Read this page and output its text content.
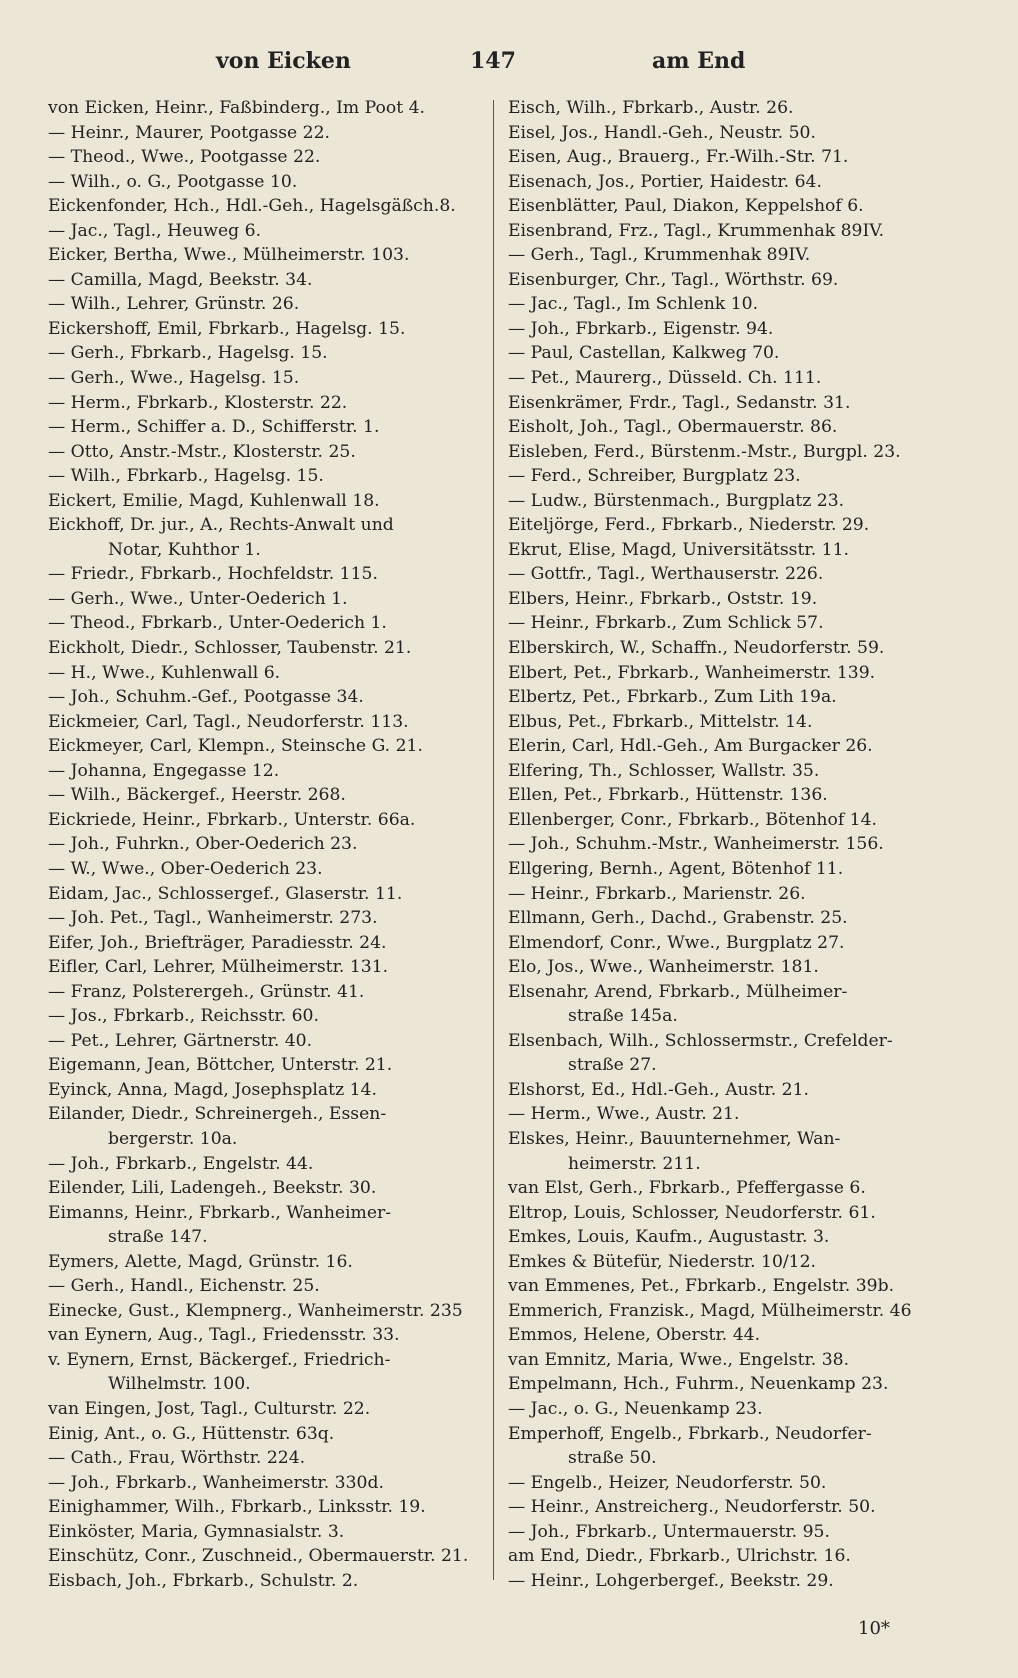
von Eicken	147	am End
von Eicken, Heinr., Faßbinderg., Im Poot 4.
— Heinr., Maurer, Pootgasse 22.
— Theod., Wwe., Pootgasse 22.
— Wilh., o. G., Pootgasse 10.
Eickenfonder, Hch., Hdl.-Geh., Hagelsgäßch.8.
— Jac., Tagl., Heuweg 6.
Eicker, Bertha, Wwe., Mülheimerstr. 103.
— Camilla, Magd, Beekstr. 34.
— Wilh., Lehrer, Grünstr. 26.
Eickershoff, Emil, Fbrkarb., Hagelsg. 15.
— Gerh., Fbrkarb., Hagelsg. 15.
— Gerh., Wwe., Hagelsg. 15.
— Herm., Fbrkarb., Klosterstr. 22.
— Herm., Schiffer a. D., Schifferstr. 1.
— Otto, Anstr.-Mstr., Klosterstr. 25.
— Wilh., Fbrkarb., Hagelsg. 15.
Eickert, Emilie, Magd, Kuhlenwall 18.
Eickhoff, Dr. jur., A., Rechts-Anwalt und
Notar, Kuhthor 1.
— Friedr., Fbrkarb., Hochfeldstr. 115.
— Gerh., Wwe., Unter-Oederich 1.
— Theod., Fbrkarb., Unter-Oederich 1.
Eickholt, Diedr., Schlosser, Taubenstr. 21.
— H., Wwe., Kuhlenwall 6.
— Joh., Schuhm.-Gef., Pootgasse 34.
Eickmeier, Carl, Tagl., Neudorferstr. 113.
Eickmeyer, Carl, Klempn., Steinsche G. 21.
— Johanna, Engegasse 12.
— Wilh., Bäckergef., Heerstr. 268.
Eickriede, Heinr., Fbrkarb., Unterstr. 66a.
— Joh., Fuhrkn., Ober-Oederich 23.
— W., Wwe., Ober-Oederich 23.
Eidam, Jac., Schlossergef., Glaserstr. 11.
— Joh. Pet., Tagl., Wanheimerstr. 273.
Eifer, Joh., Briefträger, Paradiesstr. 24.
Eifler, Carl, Lehrer, Mülheimerstr. 131.
— Franz, Polsterergeh., Grünstr. 41.
— Jos., Fbrkarb., Reichsstr. 60.
— Pet., Lehrer, Gärtnerstr. 40.
Eigemann, Jean, Böttcher, Unterstr. 21.
Eyinck, Anna, Magd, Josephsplatz 14.
Eilander, Diedr., Schreinergeh., Essen-
bergerstr. 10a.
— Joh., Fbrkarb., Engelstr. 44.
Eilender, Lili, Ladengeh., Beekstr. 30.
Eimanns, Heinr., Fbrkarb., Wanheimer-
straße 147.
Eymers, Alette, Magd, Grünstr. 16.
— Gerh., Handl., Eichenstr. 25.
Einecke, Gust., Klempnerg., Wanheimerstr. 235
van Eynern, Aug., Tagl., Friedensstr. 33.
v. Eynern, Ernst, Bäckergef., Friedrich-
Wilhelmstr. 100.
van Eingen, Jost, Tagl., Culturstr. 22.
Einig, Ant., o. G., Hüttenstr. 63q.
— Cath., Frau, Wörthstr. 224.
— Joh., Fbrkarb., Wanheimerstr. 330d.
Einighammer, Wilh., Fbrkarb., Linksstr. 19.
Einköster, Maria, Gymnasialstr. 3.
Einschütz, Conr., Zuschneid., Obermauerstr. 21.
Eisbach, Joh., Fbrkarb., Schulstr. 2.
Eisch, Wilh., Fbrkarb., Austr. 26.
Eisel, Jos., Handl.-Geh., Neustr. 50.
Eisen, Aug., Brauerg., Fr.-Wilh.-Str. 71.
Eisenach, Jos., Portier, Haidestr. 64.
Eisenblätter, Paul, Diakon, Keppelshof 6.
Eisenbrand, Frz., Tagl., Krummenhak 89IV.
— Gerh., Tagl., Krummenhak 89IV.
Eisenburger, Chr., Tagl., Wörthstr. 69.
— Jac., Tagl., Im Schlenk 10.
— Joh., Fbrkarb., Eigenstr. 94.
— Paul, Castellan, Kalkweg 70.
— Pet., Maurerg., Düsseld. Ch. 111.
Eisenkrämer, Frdr., Tagl., Sedanstr. 31.
Eisholt, Joh., Tagl., Obermauerstr. 86.
Eisleben, Ferd., Bürstenm.-Mstr., Burgpl. 23.
— Ferd., Schreiber, Burgplatz 23.
— Ludw., Bürstenmach., Burgplatz 23.
Eiteljörge, Ferd., Fbrkarb., Niederstr. 29.
Ekrut, Elise, Magd, Universitätsstr. 11.
— Gottfr., Tagl., Werthauserstr. 226.
Elbers, Heinr., Fbrkarb., Oststr. 19.
— Heinr., Fbrkarb., Zum Schlick 57.
Elberskirch, W., Schaffn., Neudorferstr. 59.
Elbert, Pet., Fbrkarb., Wanheimerstr. 139.
Elbertz, Pet., Fbrkarb., Zum Lith 19a.
Elbus, Pet., Fbrkarb., Mittelstr. 14.
Elerin, Carl, Hdl.-Geh., Am Burgacker 26.
Elfering, Th., Schlosser, Wallstr. 35.
Ellen, Pet., Fbrkarb., Hüttenstr. 136.
Ellenberger, Conr., Fbrkarb., Bötenhof 14.
— Joh., Schuhm.-Mstr., Wanheimerstr. 156.
Ellgering, Bernh., Agent, Bötenhof 11.
— Heinr., Fbrkarb., Marienstr. 26.
Ellmann, Gerh., Dachd., Grabenstr. 25.
Elmendorf, Conr., Wwe., Burgplatz 27.
Elo, Jos., Wwe., Wanheimerstr. 181.
Elsenahr, Arend, Fbrkarb., Mülheimer-
straße 145a.
Elsenbach, Wilh., Schlossermstr., Crefelder-
straße 27.
Elshorst, Ed., Hdl.-Geh., Austr. 21.
— Herm., Wwe., Austr. 21.
Elskes, Heinr., Bauunternehmer, Wan-
heimerstr. 211.
van Elst, Gerh., Fbrkarb., Pfeffergasse 6.
Eltrop, Louis, Schlosser, Neudorferstr. 61.
Emkes, Louis, Kaufm., Augustastr. 3.
Emkes & Bütefür, Niederstr. 10/12.
van Emmenes, Pet., Fbrkarb., Engelstr. 39b.
Emmerich, Franzisk., Magd, Mülheimerstr. 46
Emmos, Helene, Oberstr. 44.
van Emnitz, Maria, Wwe., Engelstr. 38.
Empelmann, Hch., Fuhrm., Neuenkamp 23.
— Jac., o. G., Neuenkamp 23.
Emperhoff, Engelb., Fbrkarb., Neudorfer-
straße 50.
— Engelb., Heizer, Neudorferstr. 50.
— Heinr., Anstreicherg., Neudorferstr. 50.
— Joh., Fbrkarb., Untermauerstr. 95.
am End, Diedr., Fbrkarb., Ulrichstr. 16.
— Heinr., Lohgerbergef., Beekstr. 29.
10*
